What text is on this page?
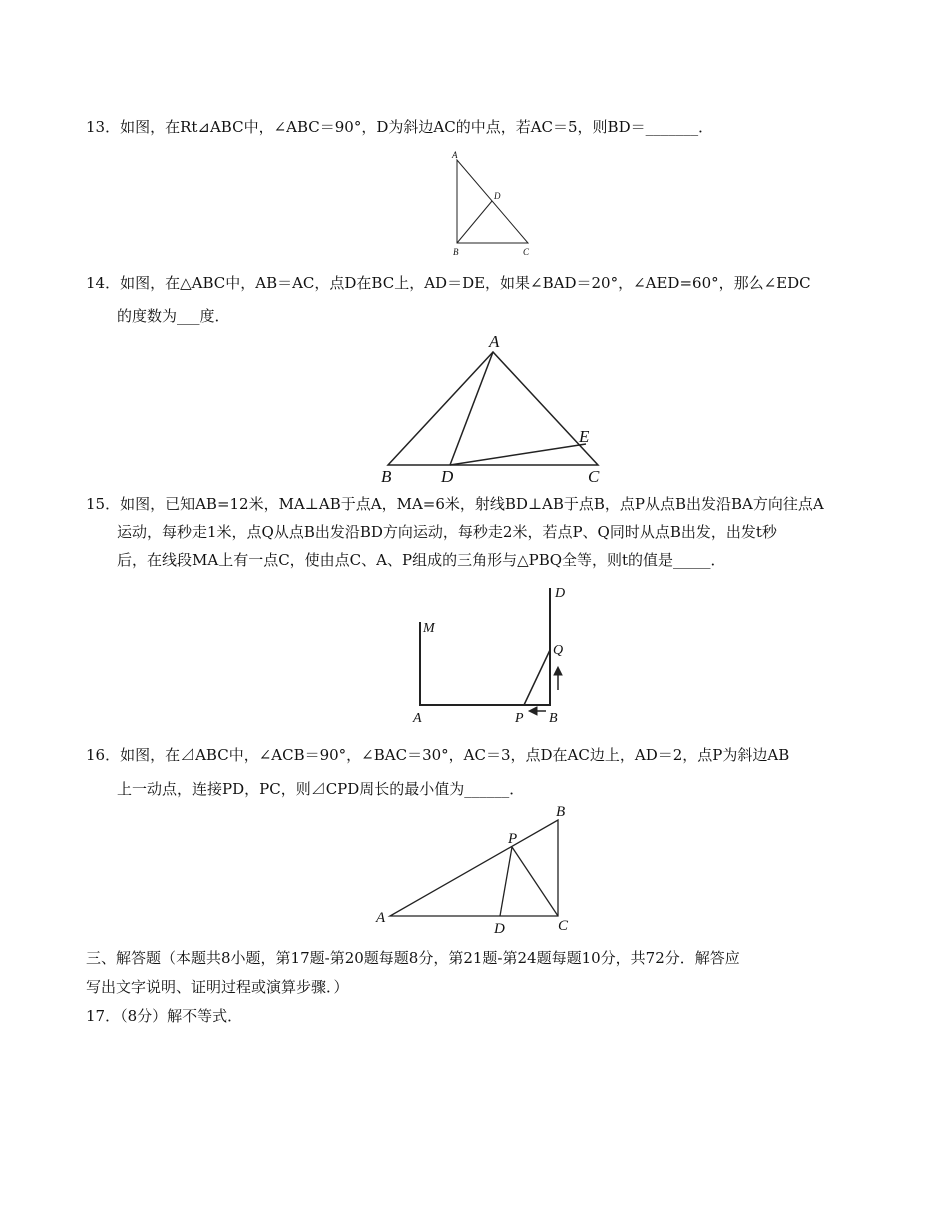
13．如图，在Rt⊿ABC中，∠ABC＝90°，D为斜边AC的中点，若AC＝5，则BD＝_______．
A
B	C
D
14．如图，在△ABC中，AB＝AC，点D在BC上，AD＝DE，如果∠BAD＝20°，∠AED=60°，那么∠EDC
的度数为___度．
A
B	D	C
E
15．如图，已知AB=12米，MA⊥AB于点A，MA=6米，射线BD⊥AB于点B，点P从点B出发沿BA方向往点A
运动，每秒走1米，点Q从点B出发沿BD方向运动，每秒走2米，若点P、Q同时从点B出发，出发t秒
后，在线段MA上有一点C，使由点C、A、P组成的三角形与△PBQ全等，则t的值是_____．
M
A	P B
Q
D
16．如图，在⊿ABC中，∠ACB＝90°，∠BAC＝30°，AC＝3，点D在AC边上，AD＝2，点P为斜边AB
上一动点，连接PD，PC，则⊿CPD周长的最小值为______．
A
D	C
B
P
三、解答题（本题共8小题，第17题-第20题每题8分，第21题-第24题每题10分，共72分．解答应
写出文字说明、证明过程或演算步骤．）
17．（8分）解不等式．
